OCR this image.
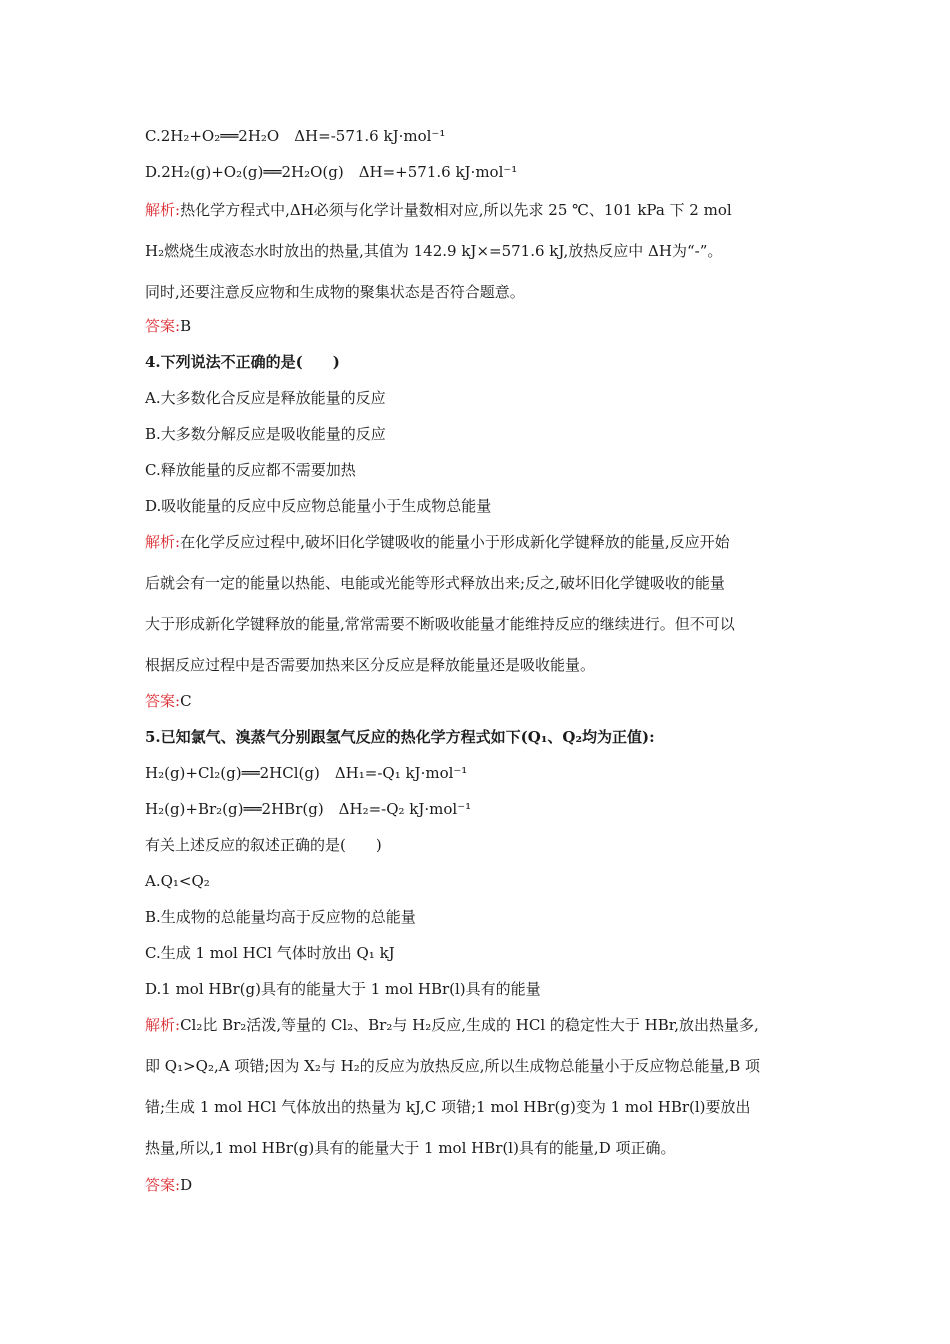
C.2H₂+O₂══2H₂O　ΔH=-571.6 kJ·mol⁻¹
D.2H₂(g)+O₂(g)══2H₂O(g)　ΔH=+571.6 kJ·mol⁻¹
解析:热化学方程式中,ΔH必须与化学计量数相对应,所以先求 25 ℃、101 kPa 下 2 mol
H₂燃烧生成液态水时放出的热量,其值为 142.9 kJ×=571.6 kJ,放热反应中 ΔH为“-”。
同时,还要注意反应物和生成物的聚集状态是否符合题意。
答案:B
4.下列说法不正确的是(　　)
A.大多数化合反应是释放能量的反应
B.大多数分解反应是吸收能量的反应
C.释放能量的反应都不需要加热
D.吸收能量的反应中反应物总能量小于生成物总能量
解析:在化学反应过程中,破坏旧化学键吸收的能量小于形成新化学键释放的能量,反应开始
后就会有一定的能量以热能、电能或光能等形式释放出来;反之,破坏旧化学键吸收的能量
大于形成新化学键释放的能量,常常需要不断吸收能量才能维持反应的继续进行。但不可以
根据反应过程中是否需要加热来区分反应是释放能量还是吸收能量。
答案:C
5.已知氯气、溴蒸气分别跟氢气反应的热化学方程式如下(Q₁、Q₂均为正值):
H₂(g)+Cl₂(g)══2HCl(g)　ΔH₁=-Q₁ kJ·mol⁻¹
H₂(g)+Br₂(g)══2HBr(g)　ΔH₂=-Q₂ kJ·mol⁻¹
有关上述反应的叙述正确的是(　　)
A.Q₁<Q₂
B.生成物的总能量均高于反应物的总能量
C.生成 1 mol HCl 气体时放出 Q₁ kJ
D.1 mol HBr(g)具有的能量大于 1 mol HBr(l)具有的能量
解析:Cl₂比 Br₂活泼,等量的 Cl₂、Br₂与 H₂反应,生成的 HCl 的稳定性大于 HBr,放出热量多,
即 Q₁>Q₂,A 项错;因为 X₂与 H₂的反应为放热反应,所以生成物总能量小于反应物总能量,B 项
错;生成 1 mol HCl 气体放出的热量为 kJ,C 项错;1 mol HBr(g)变为 1 mol HBr(l)要放出
热量,所以,1 mol HBr(g)具有的能量大于 1 mol HBr(l)具有的能量,D 项正确。
答案:D
